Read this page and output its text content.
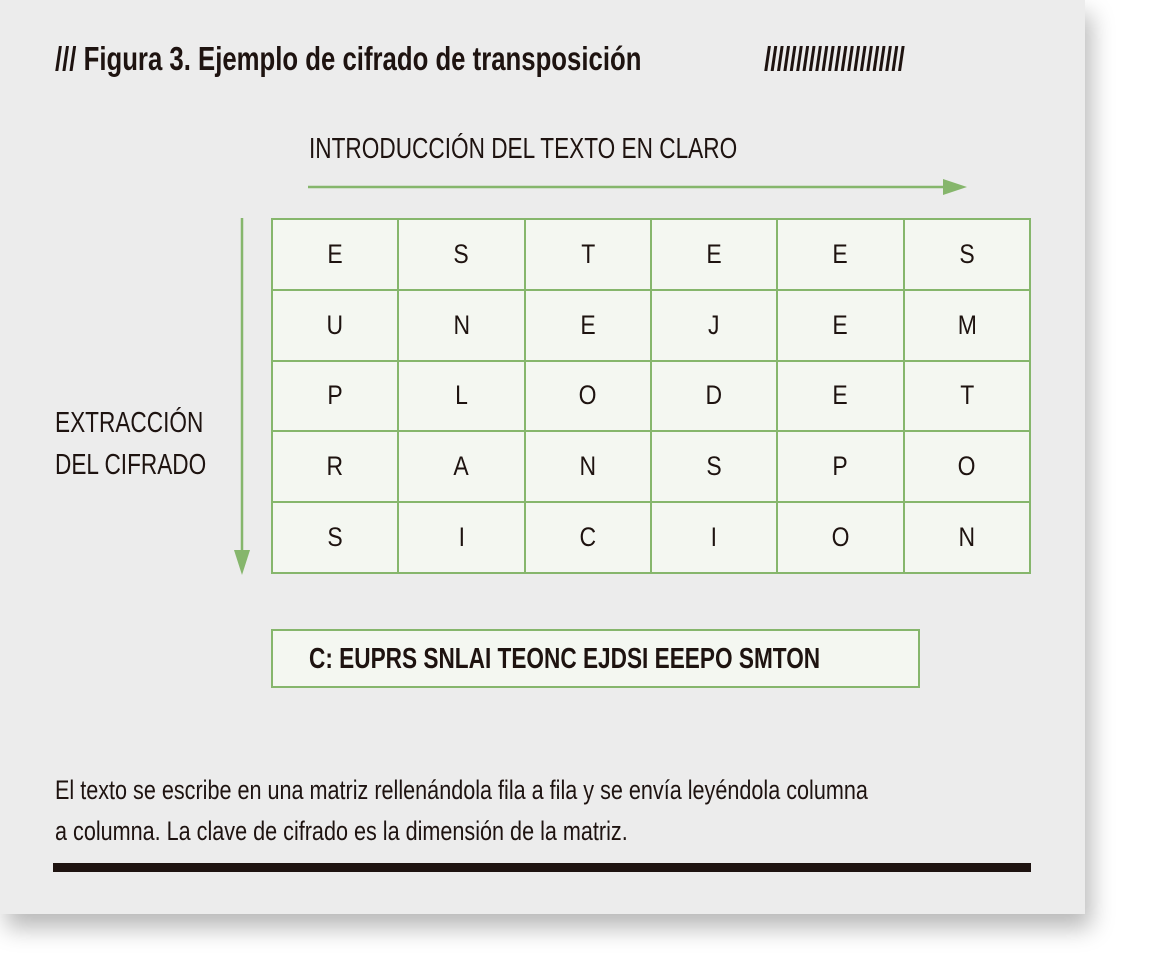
/// Figura 3. Ejemplo de cifrado de transposición	//////////////////////
INTRODUCCIÓN DEL TEXTO EN CLARO
EXTRACCIÓN
DEL CIFRADO
E	S	T	E	E	S
U	N	E	J	E	M
P	L	O	D	E	T
R	A	N	S	P	O
S	I	C	I	O	N
C: EUPRS SNLAI TEONC EJDSI EEEPO SMTON
El texto se escribe en una matriz rellenándola fila a fila y se envía leyéndola columna
a columna. La clave de cifrado es la dimensión de la matriz.
